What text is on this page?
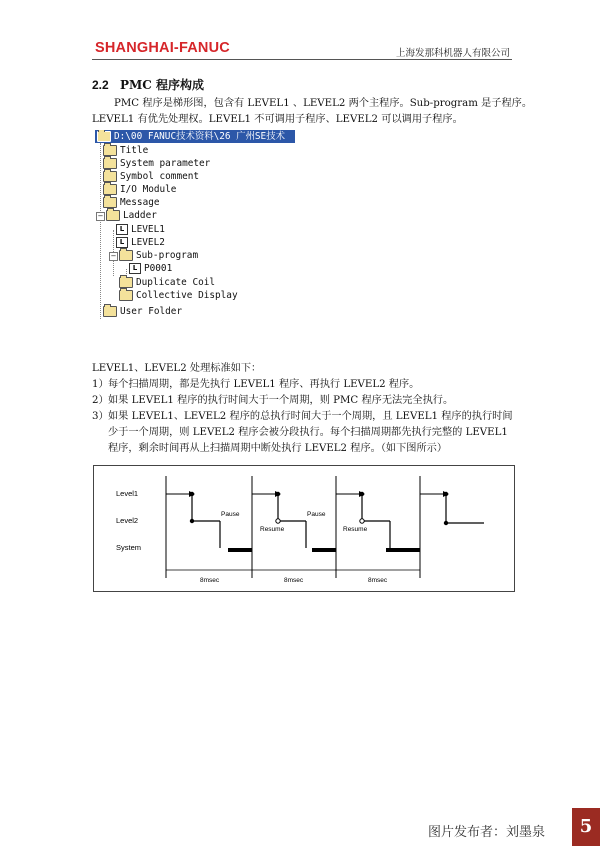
SHANGHAI-FANUC	上海发那科机器人有限公司
2.2 PMC 程序构成
PMC 程序是梯形图，包含有 LEVEL1 、LEVEL2 两个主程序。Sub-program 是子程序。
LEVEL1 有优先处理权。LEVEL1 不可调用子程序、LEVEL2 可以调用子程序。
D:\00 FANUC技术资料\26 广州SE技术
Title
System parameter
Symbol comment
I/O Module
Message
−	Ladder
L LEVEL1
L LEVEL2
−	Sub-program
L P0001
Duplicate Coil
Collective Display
User Folder
LEVEL1、LEVEL2 处理标准如下：
1） 每个扫描周期，都是先执行 LEVEL1 程序、再执行 LEVEL2 程序。
2） 如果 LEVEL1 程序的执行时间大于一个周期，则 PMC 程序无法完全执行。
3） 如果 LEVEL1、LEVEL2 程序的总执行时间大于一个周期，且 LEVEL1 程序的执行时间
少于一个周期，则 LEVEL2 程序会被分段执行。每个扫描周期都先执行完整的 LEVEL1
程序，剩余时间再从上扫描周期中断处执行 LEVEL2 程序。（如下图所示）
Level1
Level2
System
Pause	Pause
Resume	Resume
8msec	8msec	8msec
图片发布者：刘墨泉	5
